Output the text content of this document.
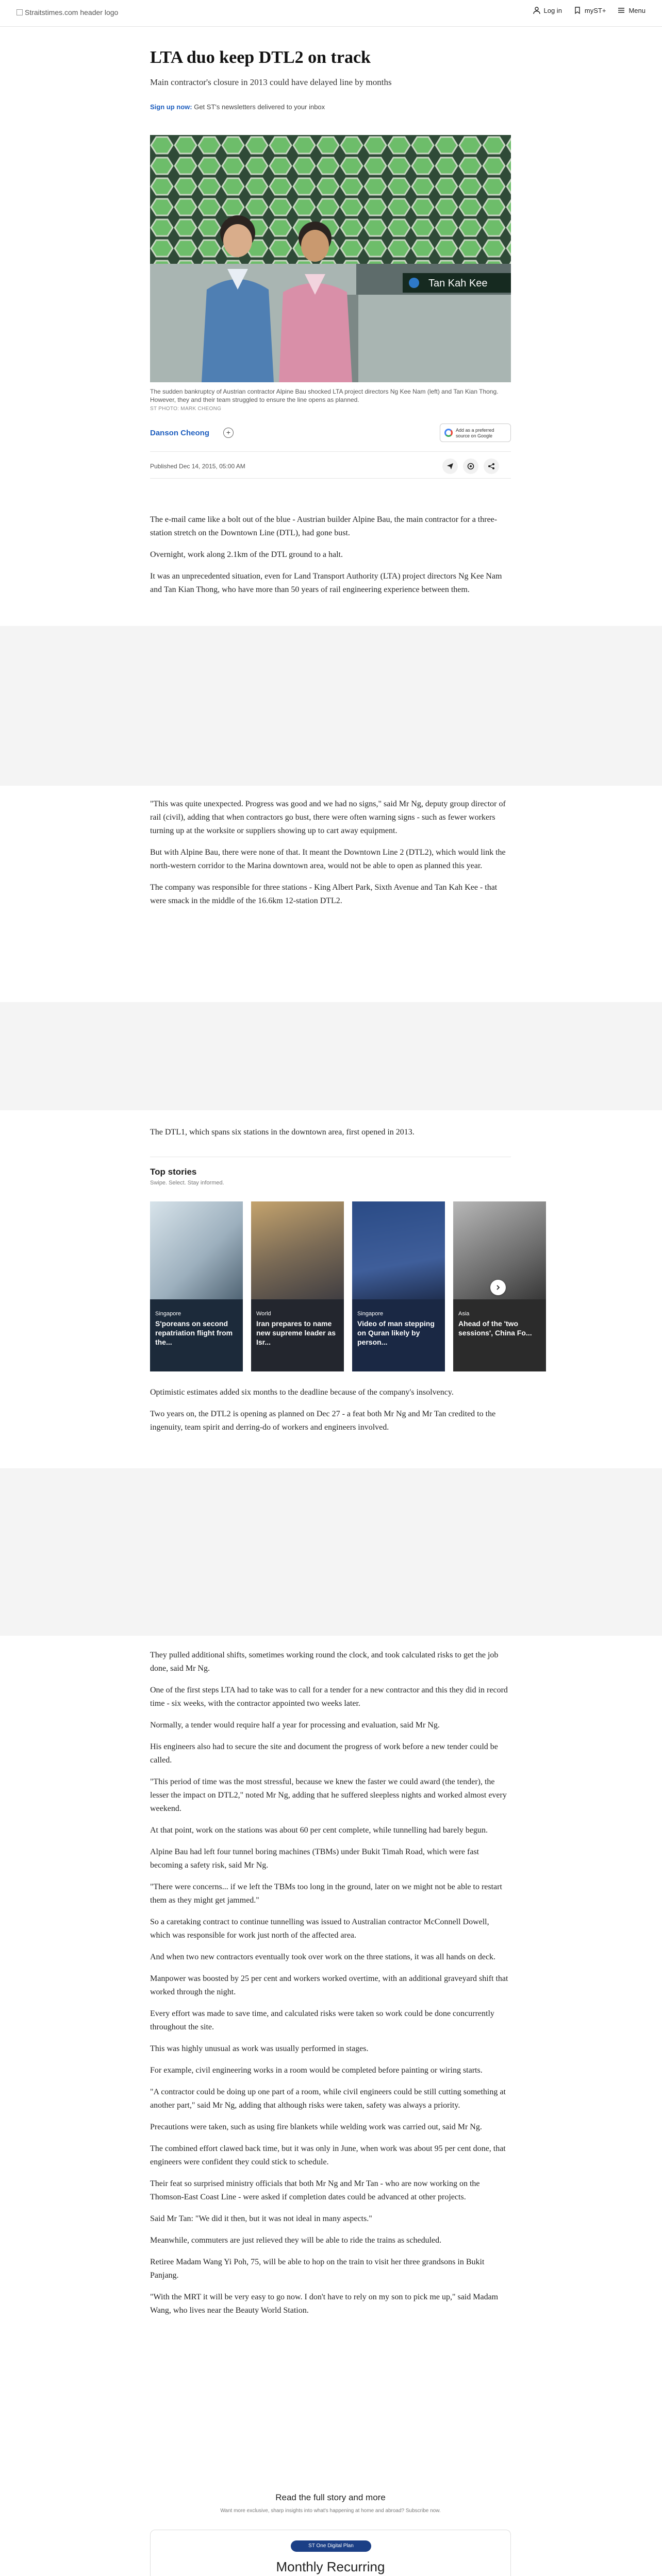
Straitstimes.com header logo	Log in	myST+	Menu
LTA duo keep DTL2 on track
Main contractor's closure in 2013 could have delayed line by months
Sign up now: Get ST's newsletters delivered to your inbox
Tan Kah Kee
The sudden bankruptcy of Austrian contractor Alpine Bau shocked LTA project directors Ng Kee Nam (left) and Tan Kian Thong. However, they and their team struggled to ensure the line opens as planned.
ST PHOTO: MARK CHEONG
Danson Cheong	+	Add as a preferred source on Google
Published Dec 14, 2015, 05:00 AM

The e-mail came like a bolt out of the blue - Austrian builder Alpine Bau, the main contractor for a three-station stretch on the Downtown Line (DTL), had gone bust.

Overnight, work along 2.1km of the DTL ground to a halt.

It was an unprecedented situation, even for Land Transport Authority (LTA) project directors Ng Kee Nam and Tan Kian Thong, who have more than 50 years of rail engineering experience between them.

"This was quite unexpected. Progress was good and we had no signs," said Mr Ng, deputy group director of rail (civil), adding that when contractors go bust, there were often warning signs - such as fewer workers turning up at the worksite or suppliers showing up to cart away equipment.

But with Alpine Bau, there were none of that. It meant the Downtown Line 2 (DTL2), which would link the north-western corridor to the Marina downtown area, would not be able to open as planned this year.

The company was responsible for three stations - King Albert Park, Sixth Avenue and Tan Kah Kee - that were smack in the middle of the 16.6km 12-station DTL2.

The DTL1, which spans six stations in the downtown area, first opened in 2013.

Top stories
Swipe. Select. Stay informed.
Singapore
S'poreans on second repatriation flight from the...
World
Iran prepares to name new supreme leader as Isr...
Singapore
Video of man stepping on Quran likely by person...
Asia
Ahead of the 'two sessions', China Fo...

Optimistic estimates added six months to the deadline because of the company's insolvency.

Two years on, the DTL2 is opening as planned on Dec 27 - a feat both Mr Ng and Mr Tan credited to the ingenuity, team spirit and derring-do of workers and engineers involved.

They pulled additional shifts, sometimes working round the clock, and took calculated risks to get the job done, said Mr Ng.

One of the first steps LTA had to take was to call for a tender for a new contractor and this they did in record time - six weeks, with the contractor appointed two weeks later.

Normally, a tender would require half a year for processing and evaluation, said Mr Ng.

His engineers also had to secure the site and document the progress of work before a new tender could be called.

"This period of time was the most stressful, because we knew the faster we could award (the tender), the lesser the impact on DTL2," noted Mr Ng, adding that he suffered sleepless nights and worked almost every weekend.

At that point, work on the stations was about 60 per cent complete, while tunnelling had barely begun.

Alpine Bau had left four tunnel boring machines (TBMs) under Bukit Timah Road, which were fast becoming a safety risk, said Mr Ng.

"There were concerns... if we left the TBMs too long in the ground, later on we might not be able to restart them as they might get jammed."

So a caretaking contract to continue tunnelling was issued to Australian contractor McConnell Dowell, which was responsible for work just north of the affected area.

And when two new contractors eventually took over work on the three stations, it was all hands on deck.

Manpower was boosted by 25 per cent and workers worked overtime, with an additional graveyard shift that worked through the night.

Every effort was made to save time, and calculated risks were taken so work could be done concurrently throughout the site.

This was highly unusual as work was usually performed in stages.

For example, civil engineering works in a room would be completed before painting or wiring starts.

"A contractor could be doing up one part of a room, while civil engineers could be still cutting something at another part," said Mr Ng, adding that although risks were taken, safety was always a priority.

Precautions were taken, such as using fire blankets while welding work was carried out, said Mr Ng.

The combined effort clawed back time, but it was only in June, when work was about 95 per cent done, that engineers were confident they could stick to schedule.

Their feat so surprised ministry officials that both Mr Ng and Mr Tan - who are now working on the Thomson-East Coast Line - were asked if completion dates could be advanced at other projects.

Said Mr Tan: "We did it then, but it was not ideal in many aspects."

Meanwhile, commuters are just relieved they will be able to ride the trains as scheduled.

Retiree Madam Wang Yi Poh, 75, will be able to hop on the train to visit her three grandsons in Bukit Panjang.

"With the MRT it will be very easy to go now. I don't have to rely on my son to pick me up," said Madam Wang, who lives near the Beauty World Station.

Read the full story and more
Want more exclusive, sharp insights into what's happening at home and abroad? Subscribe now.
ST One Digital Plan
Monthly Recurring
